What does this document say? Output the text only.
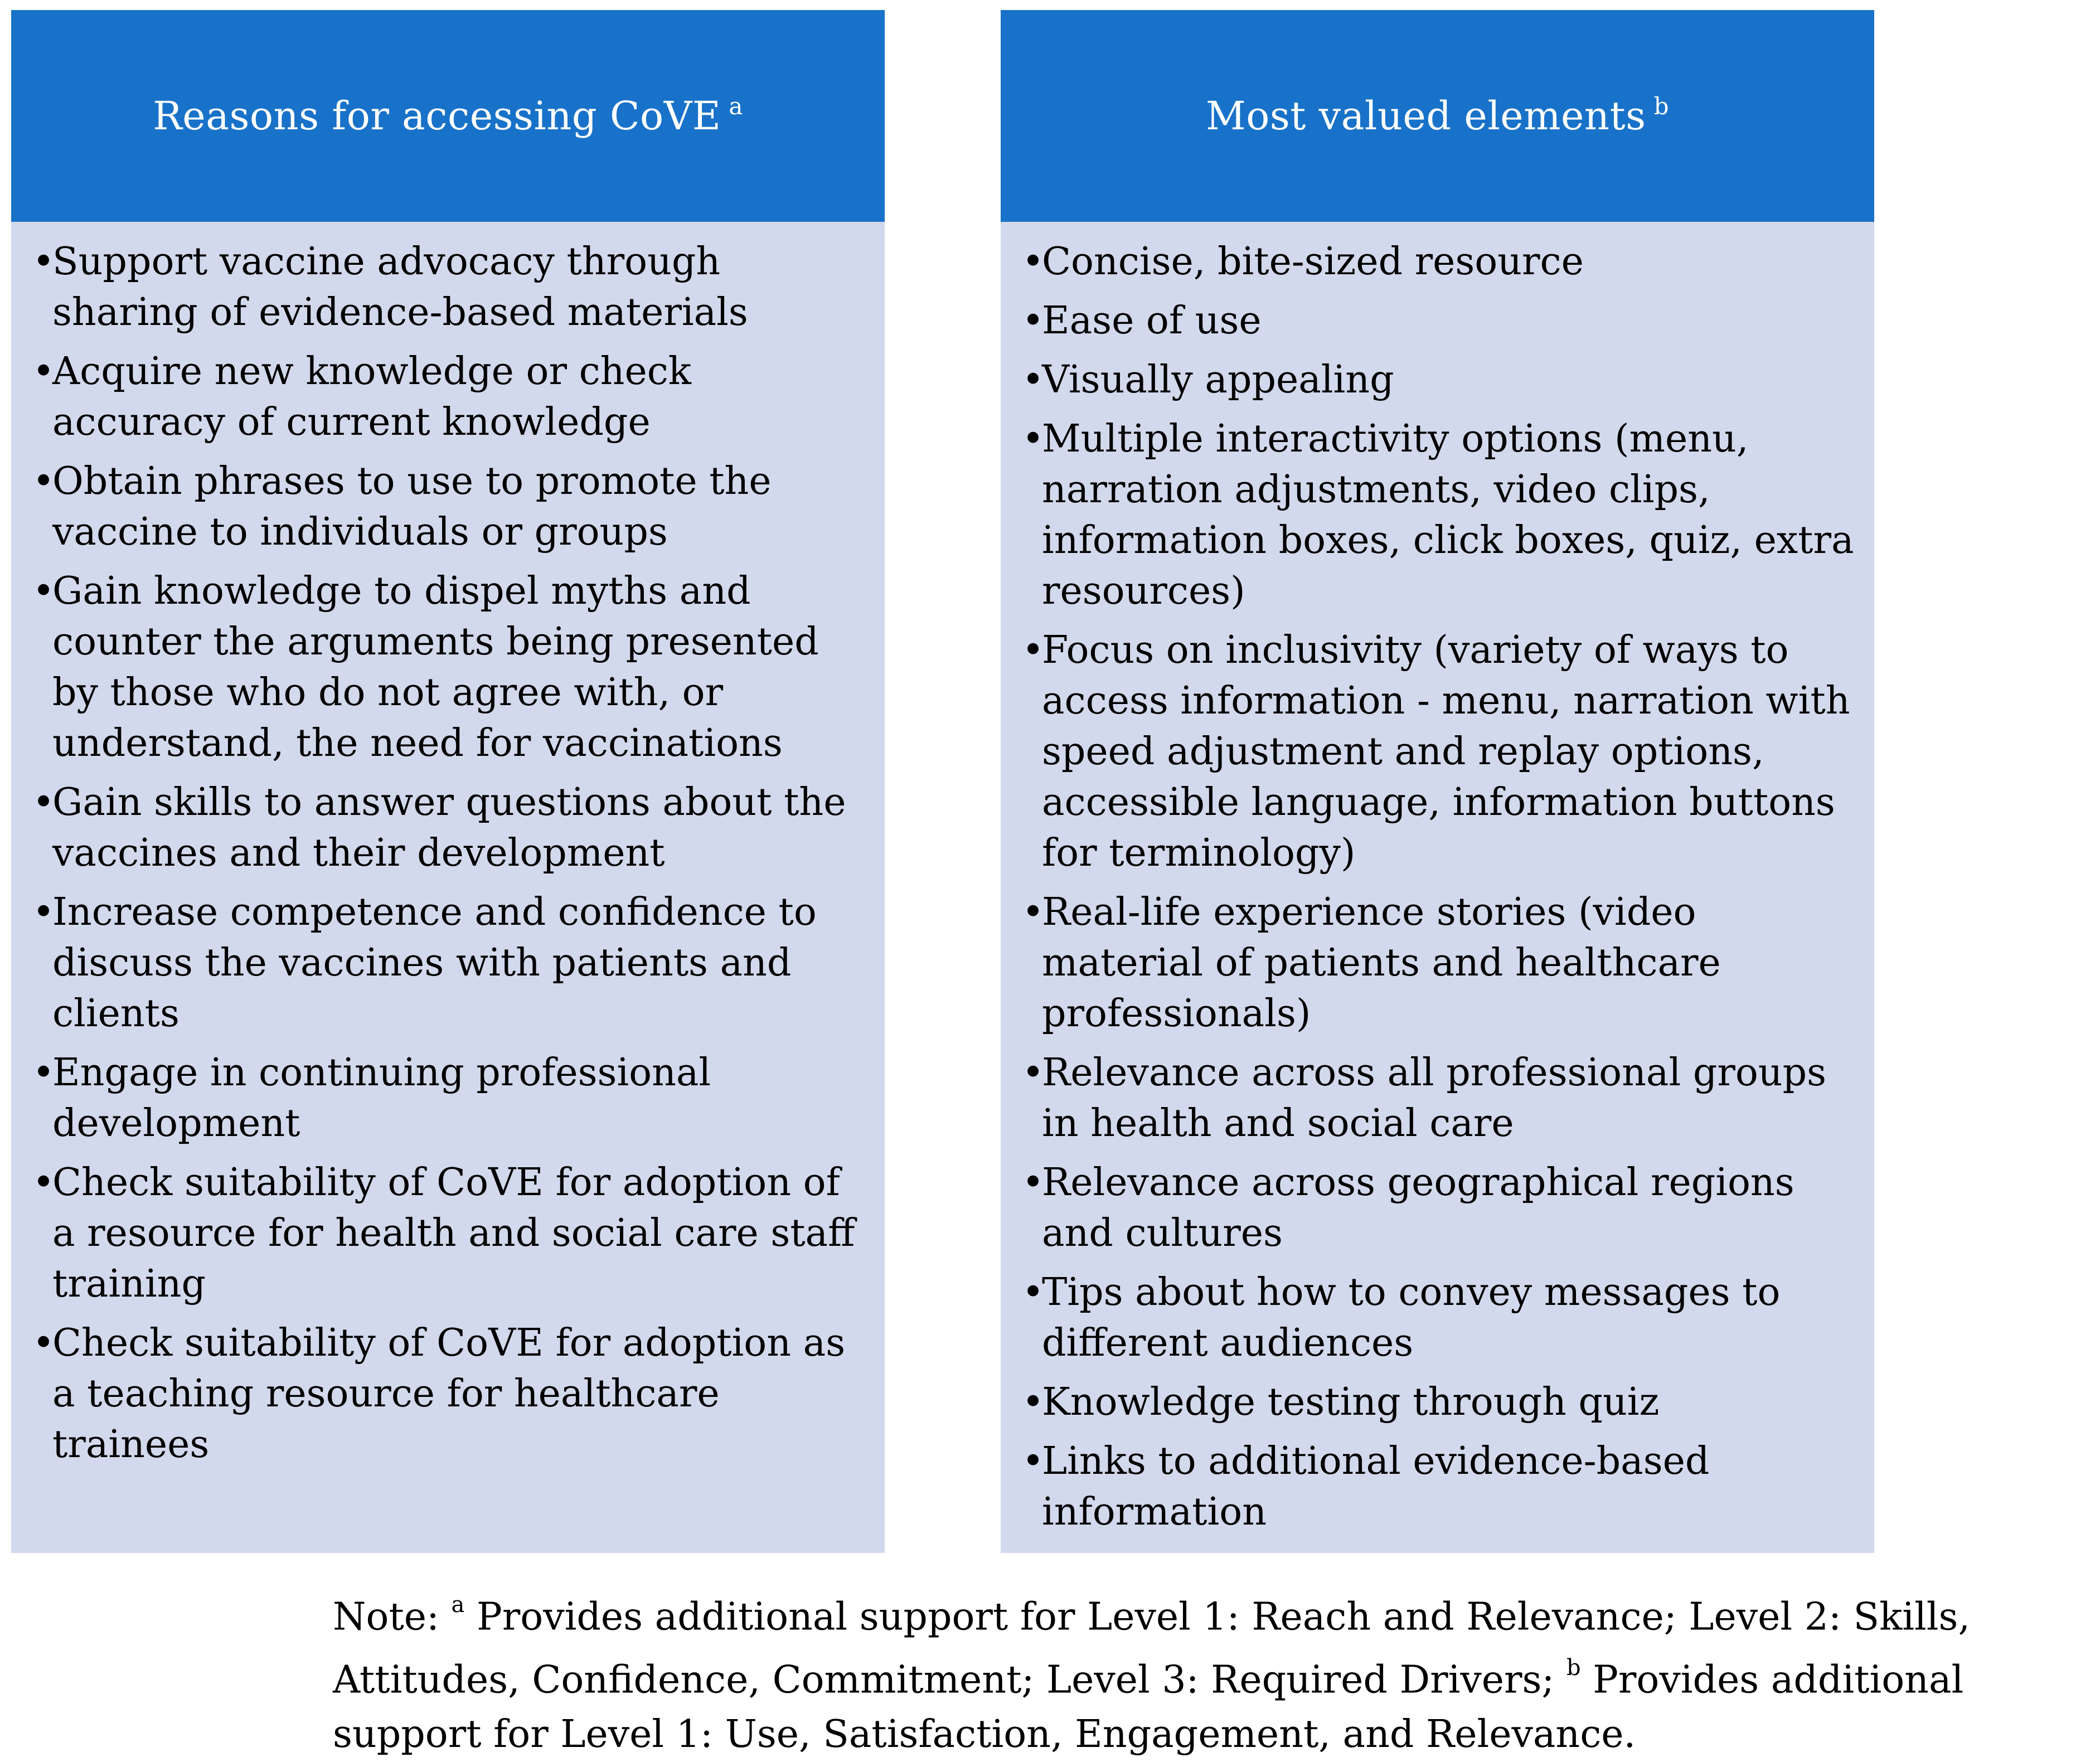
Reasons for accessing CoVE $^a$
•
Support vaccine advocacy through sharing of evidence-based materials
•
Acquire new knowledge or check accuracy of current knowledge
•
Obtain phrases to use to promote the vaccine to individuals or groups
•
Gain knowledge to dispel myths and counter the arguments being presented by those who do not agree with, or understand, the need for vaccinations
•
Gain skills to answer questions about the vaccines and their development
•
Increase competence and confidence to discuss the vaccines with patients and clients
•
Engage in continuing professional development
•
Check suitability of CoVE for adoption of a resource for health and social care staff training
•
Check suitability of CoVE for adoption as a teaching resource for healthcare trainees
Most valued elements $^b$
•
Concise, bite-sized resource
•
Ease of use
•
Visually appealing
•
Multiple interactivity options (menu, narration adjustments, video clips, information boxes, click boxes, quiz, extra resources)
•
Focus on inclusivity (variety of ways to access information - menu, narration with speed adjustment and replay options, accessible language, information buttons for terminology)
•
Real-life experience stories (video material of patients and healthcare professionals)
•
Relevance across all professional groups in health and social care
•
Relevance across geographical regions and cultures
•
Tips about how to convey messages to different audiences
•
Knowledge testing through quiz
•
Links to additional evidence-based information
Note: $^a$ Provides additional support for Level 1: Reach and Relevance; Level 2: Skills, Attitudes, Confidence, Commitment; Level 3: Required Drivers; $^b$ Provides additional support for Level 1: Use, Satisfaction, Engagement, and Relevance.
